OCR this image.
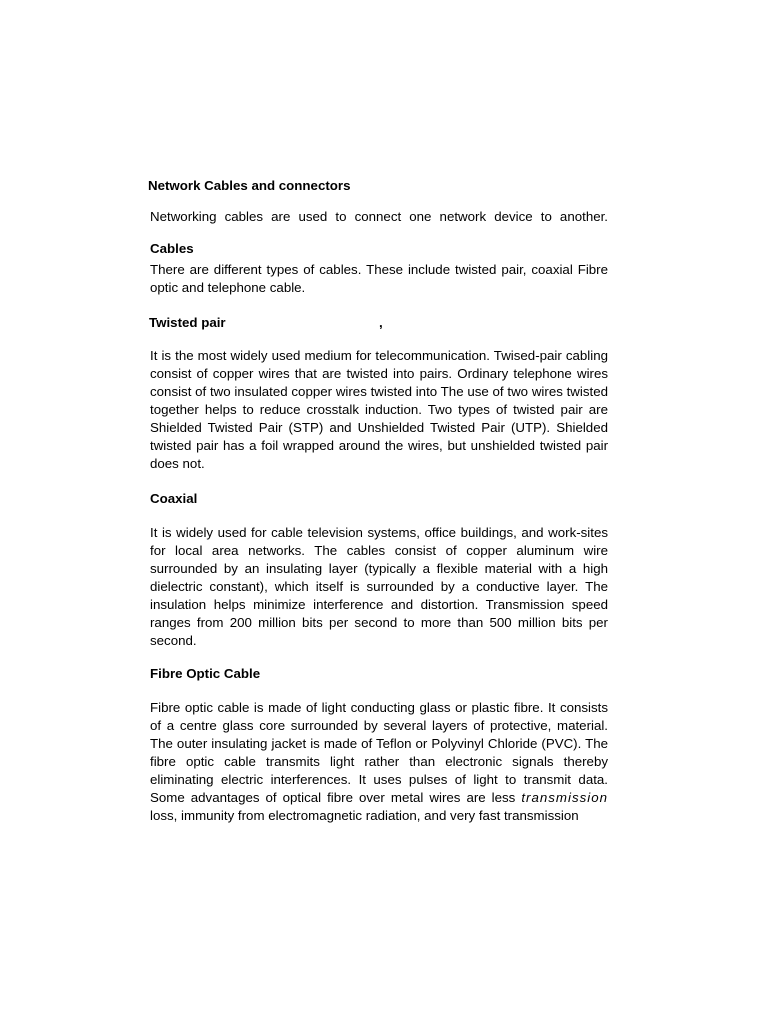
Network Cables and connectors

Networking cables are used to connect one network device to another.

Cables

There are different types of cables. These include twisted pair, coaxial Fibre optic and telephone cable.

Twisted pair	,

It is the most widely used medium for telecommunication. Twised-pair cabling consist of copper wires that are twisted into pairs. Ordinary telephone wires consist of two insulated copper wires twisted into The use of two wires twisted together helps to reduce crosstalk induction. Two types of twisted pair are Shielded Twisted Pair (STP) and Unshielded Twisted Pair (UTP). Shielded twisted pair has a foil wrapped around the wires, but unshielded twisted pair does not.

Coaxial

It is widely used for cable television systems, office buildings, and work-sites for local area networks. The cables consist of copper aluminum wire surrounded by an insulating layer (typically a flexible material with a high dielectric constant), which itself is surrounded by a conductive layer. The insulation helps minimize interference and distortion. Transmission speed ranges from 200 million bits per second to more than 500 million bits per second.

Fibre Optic Cable

Fibre optic cable is made of light conducting glass or plastic fibre. It consists of a centre glass core surrounded by several layers of protective, material. The outer insulating jacket is made of Teflon or Polyvinyl Chloride (PVC). The fibre optic cable transmits light rather than electronic signals thereby eliminating electric interferences. It uses pulses of light to transmit data. Some advantages of optical fibre over metal wires are less transmission loss, immunity from electromagnetic radiation, and very fast transmission
